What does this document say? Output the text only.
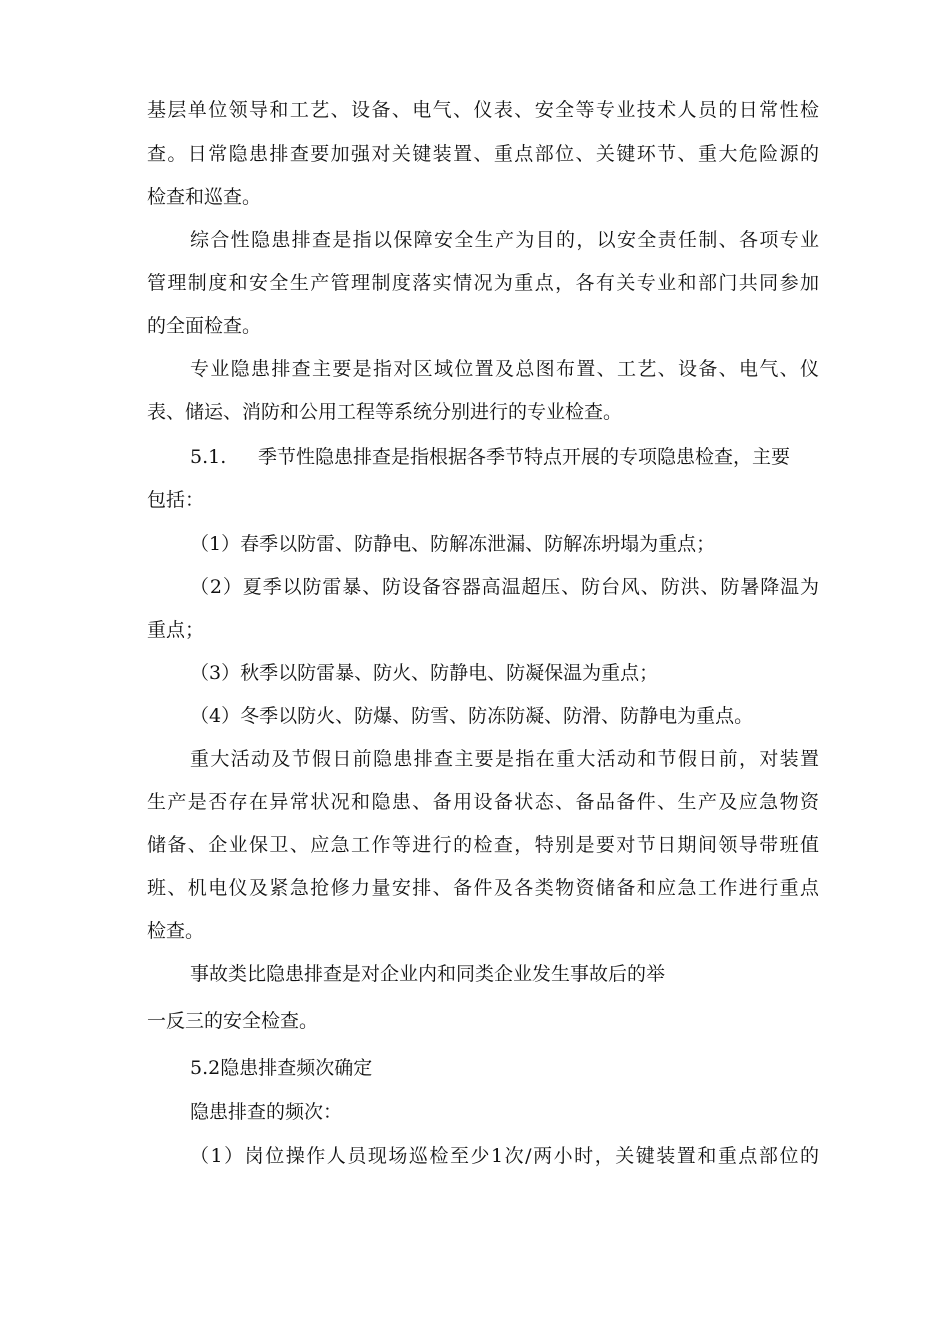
基层单位领导和工艺、设备、电气、仪表、安全等专业技术人员的日常性检
查。日常隐患排查要加强对关键装置、重点部位、关键环节、重大危险源的
检查和巡查。
综合性隐患排查是指以保障安全生产为目的，以安全责任制、各项专业
管理制度和安全生产管理制度落实情况为重点，各有关专业和部门共同参加
的全面检查。
专业隐患排查主要是指对区域位置及总图布置、工艺、设备、电气、仪
表、储运、消防和公用工程等系统分别进行的专业检查。
5.1. 季节性隐患排查是指根据各季节特点开展的专项隐患检查，主要
包括：
（1）春季以防雷、防静电、防解冻泄漏、防解冻坍塌为重点；
（2）夏季以防雷暴、防设备容器高温超压、防台风、防洪、防暑降温为
重点；
（3）秋季以防雷暴、防火、防静电、防凝保温为重点；
（4）冬季以防火、防爆、防雪、防冻防凝、防滑、防静电为重点。
重大活动及节假日前隐患排查主要是指在重大活动和节假日前，对装置
生产是否存在异常状况和隐患、备用设备状态、备品备件、生产及应急物资
储备、企业保卫、应急工作等进行的检查，特别是要对节日期间领导带班值
班、机电仪及紧急抢修力量安排、备件及各类物资储备和应急工作进行重点
检查。
事故类比隐患排查是对企业内和同类企业发生事故后的举
一反三的安全检查。
5.2隐患排查频次确定
隐患排查的频次：
（1）岗位操作人员现场巡检至少1次/两小时，关键装置和重点部位的
